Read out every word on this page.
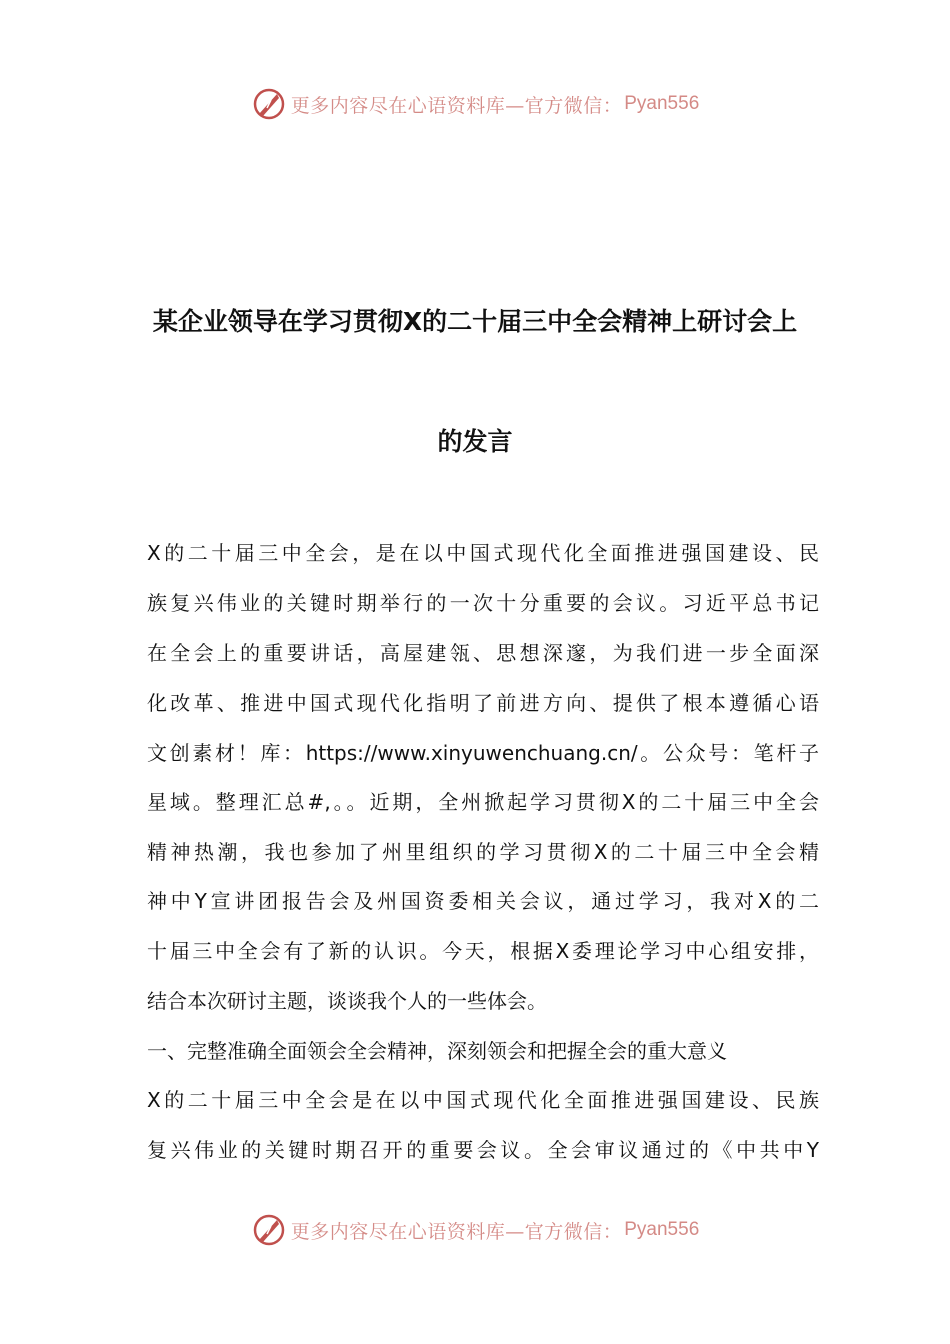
更多内容尽在心语资料库—官方微信： Pyan556
某企业领导在学习贯彻X的二十届三中全会精神上研讨会上
的发言
X的二十届三中全会，是在以中国式现代化全面推进强国建设、民
族复兴伟业的关键时期举行的一次十分重要的会议。习近平总书记
在全会上的重要讲话，高屋建瓴、思想深邃，为我们进一步全面深
化改革、推进中国式现代化指明了前进方向、提供了根本遵循心语
文创素材！库：https://www.xinyuwenchuang.cn/。公众号：笔杆子
星域。整理汇总#,。。近期，全州掀起学习贯彻X的二十届三中全会
精神热潮，我也参加了州里组织的学习贯彻X的二十届三中全会精
神中Y宣讲团报告会及州国资委相关会议，通过学习，我对X的二
十届三中全会有了新的认识。今天，根据X委理论学习中心组安排，
结合本次研讨主题，谈谈我个人的一些体会。
一、完整准确全面领会全会精神，深刻领会和把握全会的重大意义
X的二十届三中全会是在以中国式现代化全面推进强国建设、民族
复兴伟业的关键时期召开的重要会议。全会审议通过的《中共中Y
更多内容尽在心语资料库—官方微信： Pyan556
